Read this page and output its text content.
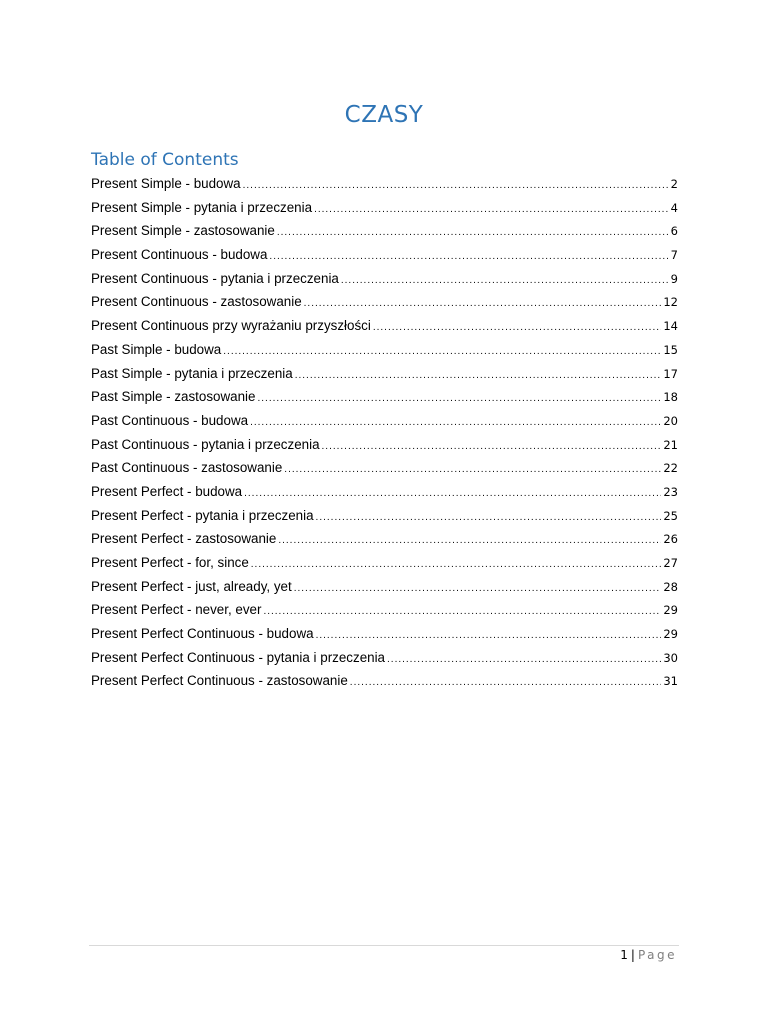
CZASY
Table of Contents
Present Simple - budowa .....	2
Present Simple - pytania i przeczenia .....	4
Present Simple - zastosowanie .....	6
Present Continuous - budowa .....	7
Present Continuous - pytania i przeczenia .....	9
Present Continuous - zastosowanie .....	12
Present Continuous przy wyrażaniu przyszłości .....	14
Past Simple - budowa .....	15
Past Simple - pytania i przeczenia .....	17
Past Simple - zastosowanie .....	18
Past Continuous - budowa .....	20
Past Continuous - pytania i przeczenia .....	21
Past Continuous - zastosowanie .....	22
Present Perfect - budowa .....	23
Present Perfect - pytania i przeczenia .....	25
Present Perfect - zastosowanie .....	26
Present Perfect - for, since .....	27
Present Perfect - just, already, yet .....	28
Present Perfect - never, ever .....	29
Present Perfect Continuous - budowa .....	29
Present Perfect Continuous - pytania i przeczenia .....	30
Present Perfect Continuous - zastosowanie .....	31
1 | Page
